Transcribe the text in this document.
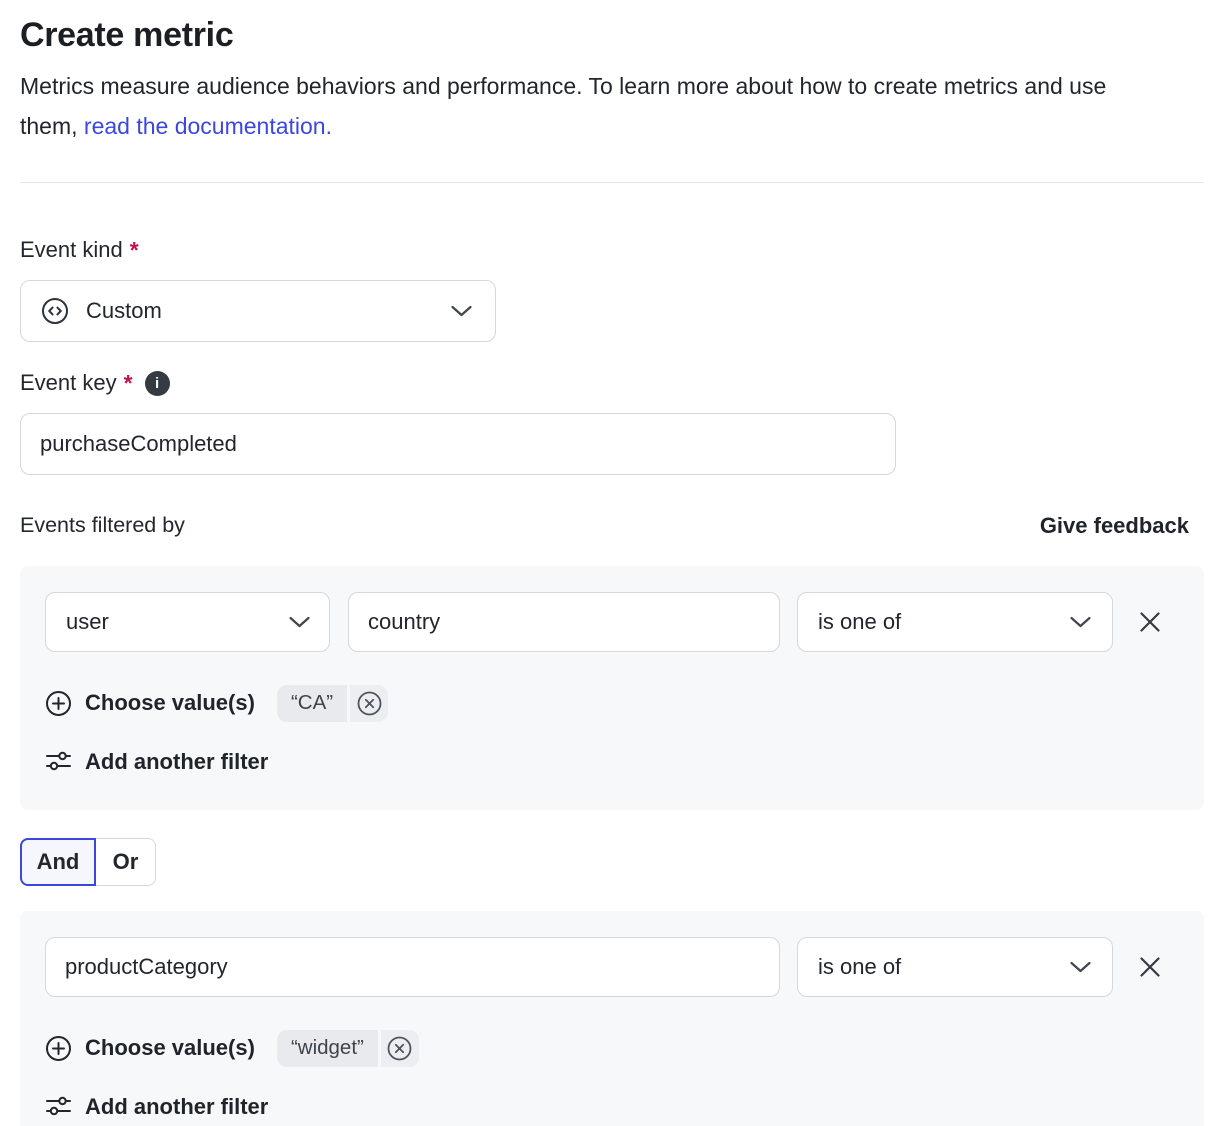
Create metric

Metrics measure audience behaviors and performance. To learn more about how to create metrics and use them, read the documentation.

Event kind *
Custom
Event key *	i
purchaseCompleted
Events filtered by	Give feedback
user
country	is one of
Choose value(s)	“CA”
Add another filter
And	Or
productCategory
is one of
Choose value(s)	“widget”
Add another filter
